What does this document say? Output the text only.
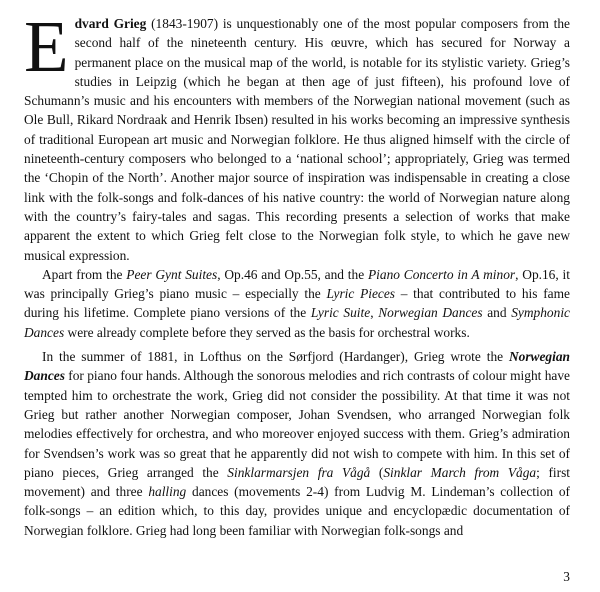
Edvard Grieg (1843-1907) is unquestionably one of the most popular composers from the second half of the nineteenth century. His œuvre, which has secured for Norway a permanent place on the musical map of the world, is notable for its stylistic variety. Grieg’s studies in Leipzig (which he began at then age of just fifteen), his profound love of Schumann’s music and his encounters with members of the Norwegian national movement (such as Ole Bull, Rikard Nordraak and Henrik Ibsen) resulted in his works becoming an impressive synthesis of traditional European art music and Norwegian folklore. He thus aligned himself with the circle of nineteenth-century composers who belonged to a ‘national school’; appropriately, Grieg was termed the ‘Chopin of the North’. Another major source of inspiration was indispensable in creating a close link with the folk-songs and folk-dances of his native country: the world of Norwegian nature along with the country’s fairy-tales and sagas. This recording presents a selection of works that make apparent the extent to which Grieg felt close to the Norwegian folk style, to which he gave new musical expression.

Apart from the Peer Gynt Suites, Op.46 and Op.55, and the Piano Concerto in A minor, Op.16, it was principally Grieg’s piano music – especially the Lyric Pieces – that contributed to his fame during his lifetime. Complete piano versions of the Lyric Suite, Norwegian Dances and Symphonic Dances were already complete before they served as the basis for orchestral works.

In the summer of 1881, in Lofthus on the Sørfjord (Hardanger), Grieg wrote the Norwegian Dances for piano four hands. Although the sonorous melodies and rich contrasts of colour might have tempted him to orchestrate the work, Grieg did not consider the possibility. At that time it was not Grieg but rather another Norwegian composer, Johan Svendsen, who arranged Norwegian folk melodies effectively for orchestra, and who moreover enjoyed success with them. Grieg’s admiration for Svendsen’s work was so great that he apparently did not wish to compete with him. In this set of piano pieces, Grieg arranged the Sinklarmarsjen fra Vågå (Sinklar March from Våga; first movement) and three halling dances (movements 2-4) from Ludvig M. Lindeman’s collection of folk-songs – an edition which, to this day, provides unique and encyclopædic documentation of Norwegian folklore. Grieg had long been familiar with Norwegian folk-songs and

3
